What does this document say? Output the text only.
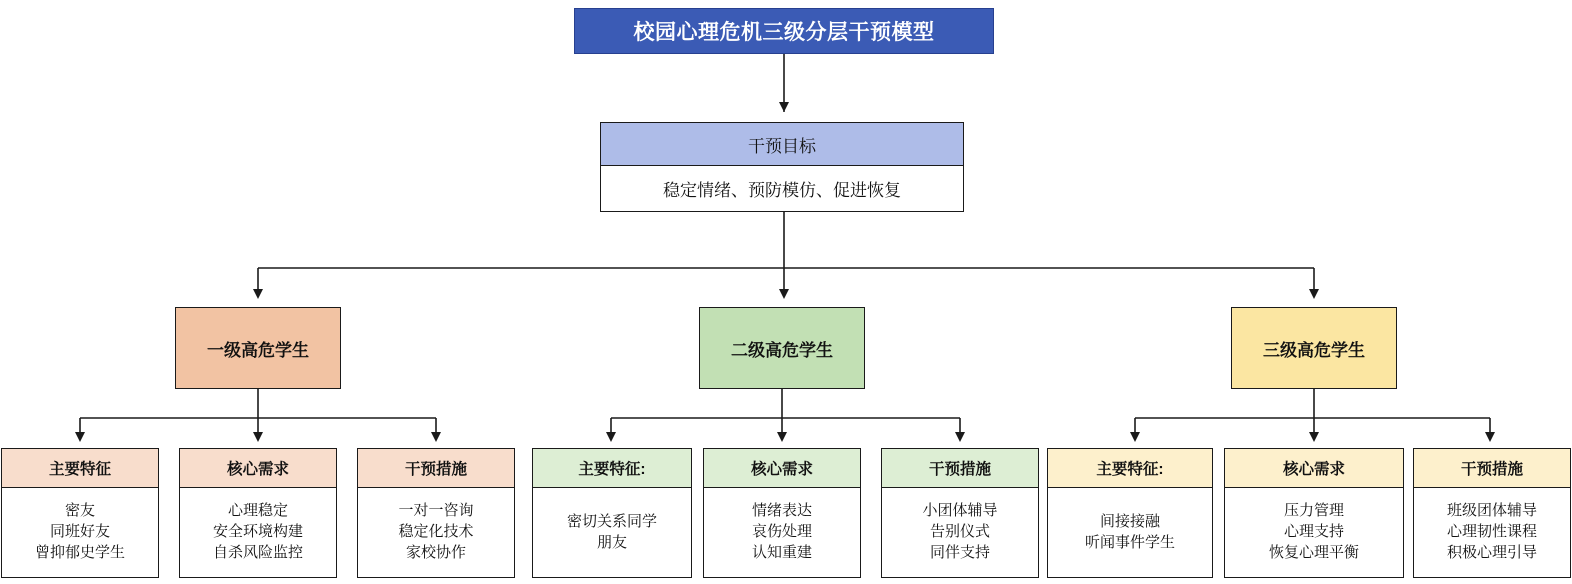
校园心理危机三级分层干预模型
干预目标
稳定情绪、预防模仿、促进恢复
一级高危学生	二级高危学生	三级高危学生
主要特征
密友
同班好友
曾抑郁史学生
核心需求
心理稳定
安全环境构建
自杀风险监控
干预措施
一对一咨询
稳定化技术
家校协作
主要特征:
密切关系同学
朋友
核心需求
情绪表达
哀伤处理
认知重建
干预措施
小团体辅导
告别仪式
同伴支持
主要特征:
间接接融
听闻事件学生
核心需求
压力管理
心理支持
恢复心理平衡
干预措施
班级团体辅导
心理韧性课程
积极心理引导
